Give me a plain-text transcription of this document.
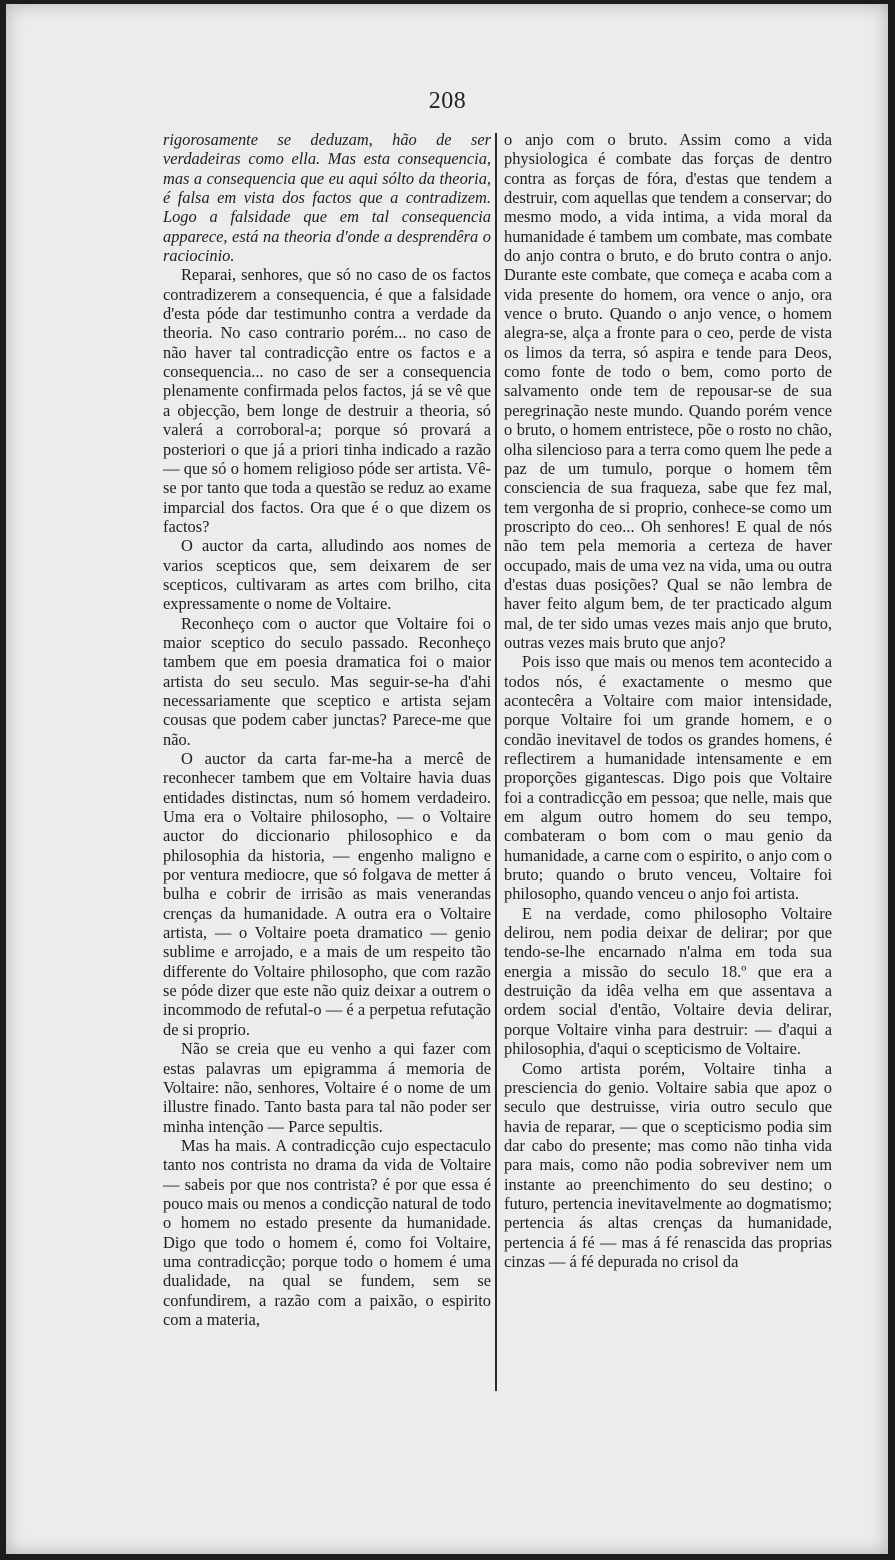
208

rigorosamente se deduzam, hão de ser verdadeiras como ella. Mas esta consequencia, mas a consequencia que eu aqui sólto da theoria, é falsa em vista dos factos que a contradizem. Logo a falsidade que em tal consequencia apparece, está na theoria d'onde a desprendêra o raciocinio.

Reparai, senhores, que só no caso de os factos contradizerem a consequencia, é que a falsidade d'esta póde dar testimunho contra a verdade da theoria. No caso contrario porém... no caso de não haver tal contradicção entre os factos e a consequencia... no caso de ser a consequencia plenamente confirmada pelos factos, já se vê que a objecção, bem longe de destruir a theoria, só valerá a corroboral-a; porque só provará a posteriori o que já a priori tinha indicado a razão — que só o homem religioso póde ser artista. Vê-se por tanto que toda a questão se reduz ao exame imparcial dos factos. Ora que é o que dizem os factos?

O auctor da carta, alludindo aos nomes de varios scepticos que, sem deixarem de ser scepticos, cultivaram as artes com brilho, cita expressamente o nome de Voltaire.

Reconheço com o auctor que Voltaire foi o maior sceptico do seculo passado. Reconheço tambem que em poesia dramatica foi o maior artista do seu seculo. Mas seguir-se-ha d'ahi necessariamente que sceptico e artista sejam cousas que podem caber junctas? Parece-me que não.

O auctor da carta far-me-ha a mercê de reconhecer tambem que em Voltaire havia duas entidades distinctas, num só homem verdadeiro. Uma era o Voltaire philosopho, — o Voltaire auctor do diccionario philosophico e da philosophia da historia, — engenho maligno e por ventura mediocre, que só folgava de metter á bulha e cobrir de irrisão as mais venerandas crenças da humanidade. A outra era o Voltaire artista, — o Voltaire poeta dramatico — genio sublime e arrojado, e a mais de um respeito tão differente do Voltaire philosopho, que com razão se póde dizer que este não quiz deixar a outrem o incommodo de refutal-o — é a perpetua refutação de si proprio.

Não se creia que eu venho a qui fazer com estas palavras um epigramma á memoria de Voltaire: não, senhores, Voltaire é o nome de um illustre finado. Tanto basta para tal não poder ser minha intenção — Parce sepultis.

Mas ha mais. A contradicção cujo espectaculo tanto nos contrista no drama da vida de Voltaire — sabeis por que nos contrista? é por que essa é pouco mais ou menos a condicção natural de todo o homem no estado presente da humanidade. Digo que todo o homem é, como foi Voltaire, uma contradicção; porque todo o homem é uma dualidade, na qual se fundem, sem se confundirem, a razão com a paixão, o espirito com a materia,

o anjo com o bruto. Assim como a vida physiologica é combate das forças de dentro contra as forças de fóra, d'estas que tendem a destruir, com aquellas que tendem a conservar; do mesmo modo, a vida intima, a vida moral da humanidade é tambem um combate, mas combate do anjo contra o bruto, e do bruto contra o anjo. Durante este combate, que começa e acaba com a vida presente do homem, ora vence o anjo, ora vence o bruto. Quando o anjo vence, o homem alegra-se, alça a fronte para o ceo, perde de vista os limos da terra, só aspira e tende para Deos, como fonte de todo o bem, como porto de salvamento onde tem de repousar-se de sua peregrinação neste mundo. Quando porém vence o bruto, o homem entristece, põe o rosto no chão, olha silencioso para a terra como quem lhe pede a paz de um tumulo, porque o homem têm consciencia de sua fraqueza, sabe que fez mal, tem vergonha de si proprio, conhece-se como um proscripto do ceo... Oh senhores! E qual de nós não tem pela memoria a certeza de haver occupado, mais de uma vez na vida, uma ou outra d'estas duas posições? Qual se não lembra de haver feito algum bem, de ter practicado algum mal, de ter sido umas vezes mais anjo que bruto, outras vezes mais bruto que anjo?

Pois isso que mais ou menos tem acontecido a todos nós, é exactamente o mesmo que acontecêra a Voltaire com maior intensidade, porque Voltaire foi um grande homem, e o condão inevitavel de todos os grandes homens, é reflectirem a humanidade intensamente e em proporções gigantescas. Digo pois que Voltaire foi a contradicção em pessoa; que nelle, mais que em algum outro homem do seu tempo, combateram o bom com o mau genio da humanidade, a carne com o espirito, o anjo com o bruto; quando o bruto venceu, Voltaire foi philosopho, quando venceu o anjo foi artista.

E na verdade, como philosopho Voltaire delirou, nem podia deixar de delirar; por que tendo-se-lhe encarnado n'alma em toda sua energia a missão do seculo 18.º que era a destruição da idêa velha em que assentava a ordem social d'então, Voltaire devia delirar, porque Voltaire vinha para destruir: — d'aqui a philosophia, d'aqui o scepticismo de Voltaire.

Como artista porém, Voltaire tinha a presciencia do genio. Voltaire sabia que apoz o seculo que destruisse, viria outro seculo que havia de reparar, — que o scepticismo podia sim dar cabo do presente; mas como não tinha vida para mais, como não podia sobreviver nem um instante ao preenchimento do seu destino; o futuro, pertencia inevitavelmente ao dogmatismo; pertencia ás altas crenças da humanidade, pertencia á fé — mas á fé renascida das proprias cinzas — á fé depurada no crisol da
